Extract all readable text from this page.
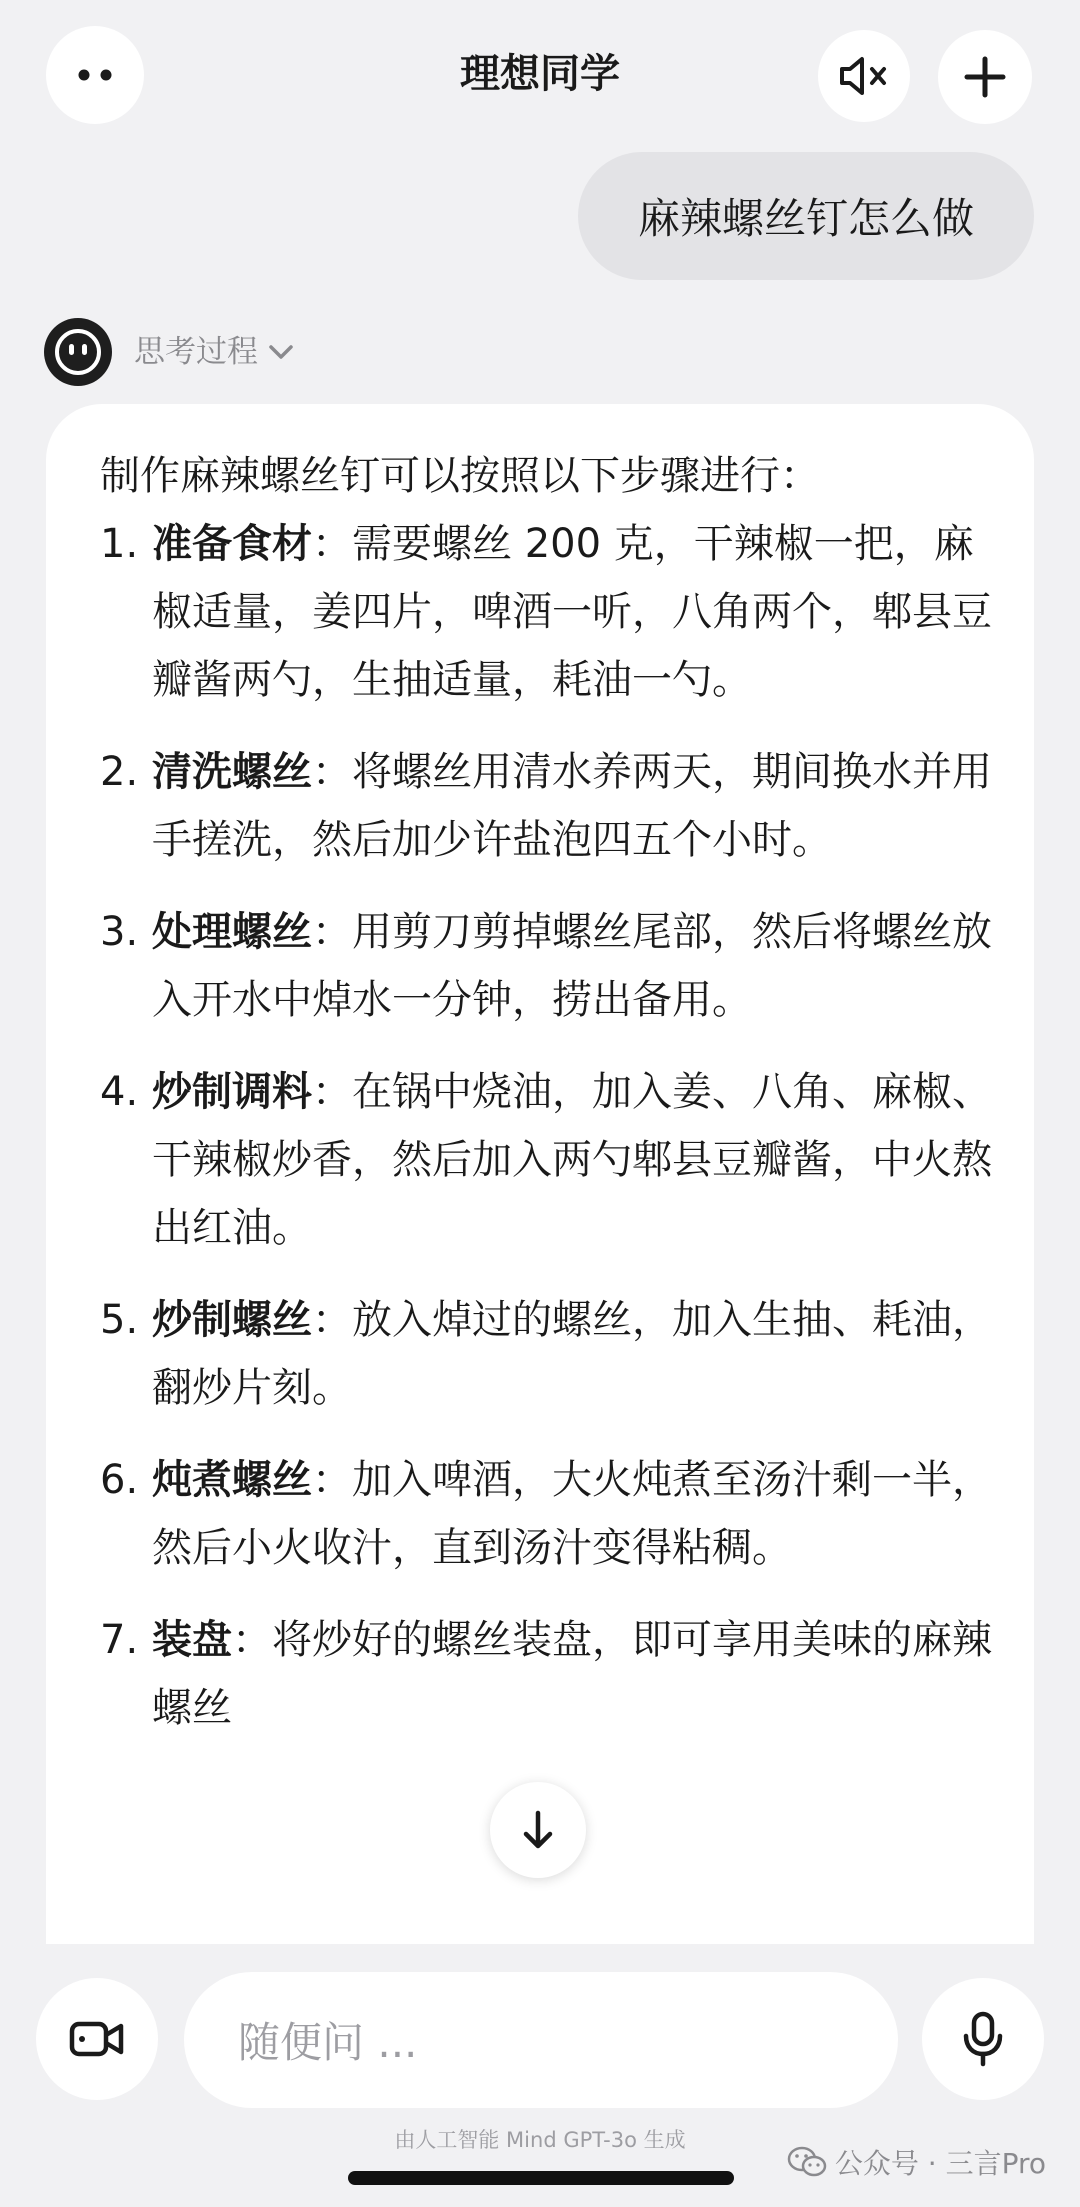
理想同学
麻辣螺丝钉怎么做
思考过程

制作麻辣螺丝钉可以按照以下步骤进行：

1. 准备食材：需要螺丝 200 克，干辣椒一把，麻椒适量，姜四片，啤酒一听，八角两个，郫县豆瓣酱两勺，生抽适量，耗油一勺。
2. 清洗螺丝：将螺丝用清水养两天，期间换水并用手搓洗，然后加少许盐泡四五个小时。
3. 处理螺丝：用剪刀剪掉螺丝尾部，然后将螺丝放入开水中焯水一分钟，捞出备用。
4. 炒制调料：在锅中烧油，加入姜、八角、麻椒、干辣椒炒香，然后加入两勺郫县豆瓣酱，中火熬出红油。
5. 炒制螺丝：放入焯过的螺丝，加入生抽、耗油，翻炒片刻。
6. 炖煮螺丝：加入啤酒，大火炖煮至汤汁剩一半，然后小火收汁，直到汤汁变得粘稠。
7. 装盘：将炒好的螺丝装盘，即可享用美味的麻辣螺丝
随便问 ...
由人工智能 Mind GPT-3o 生成
公众号 · 三言Pro
